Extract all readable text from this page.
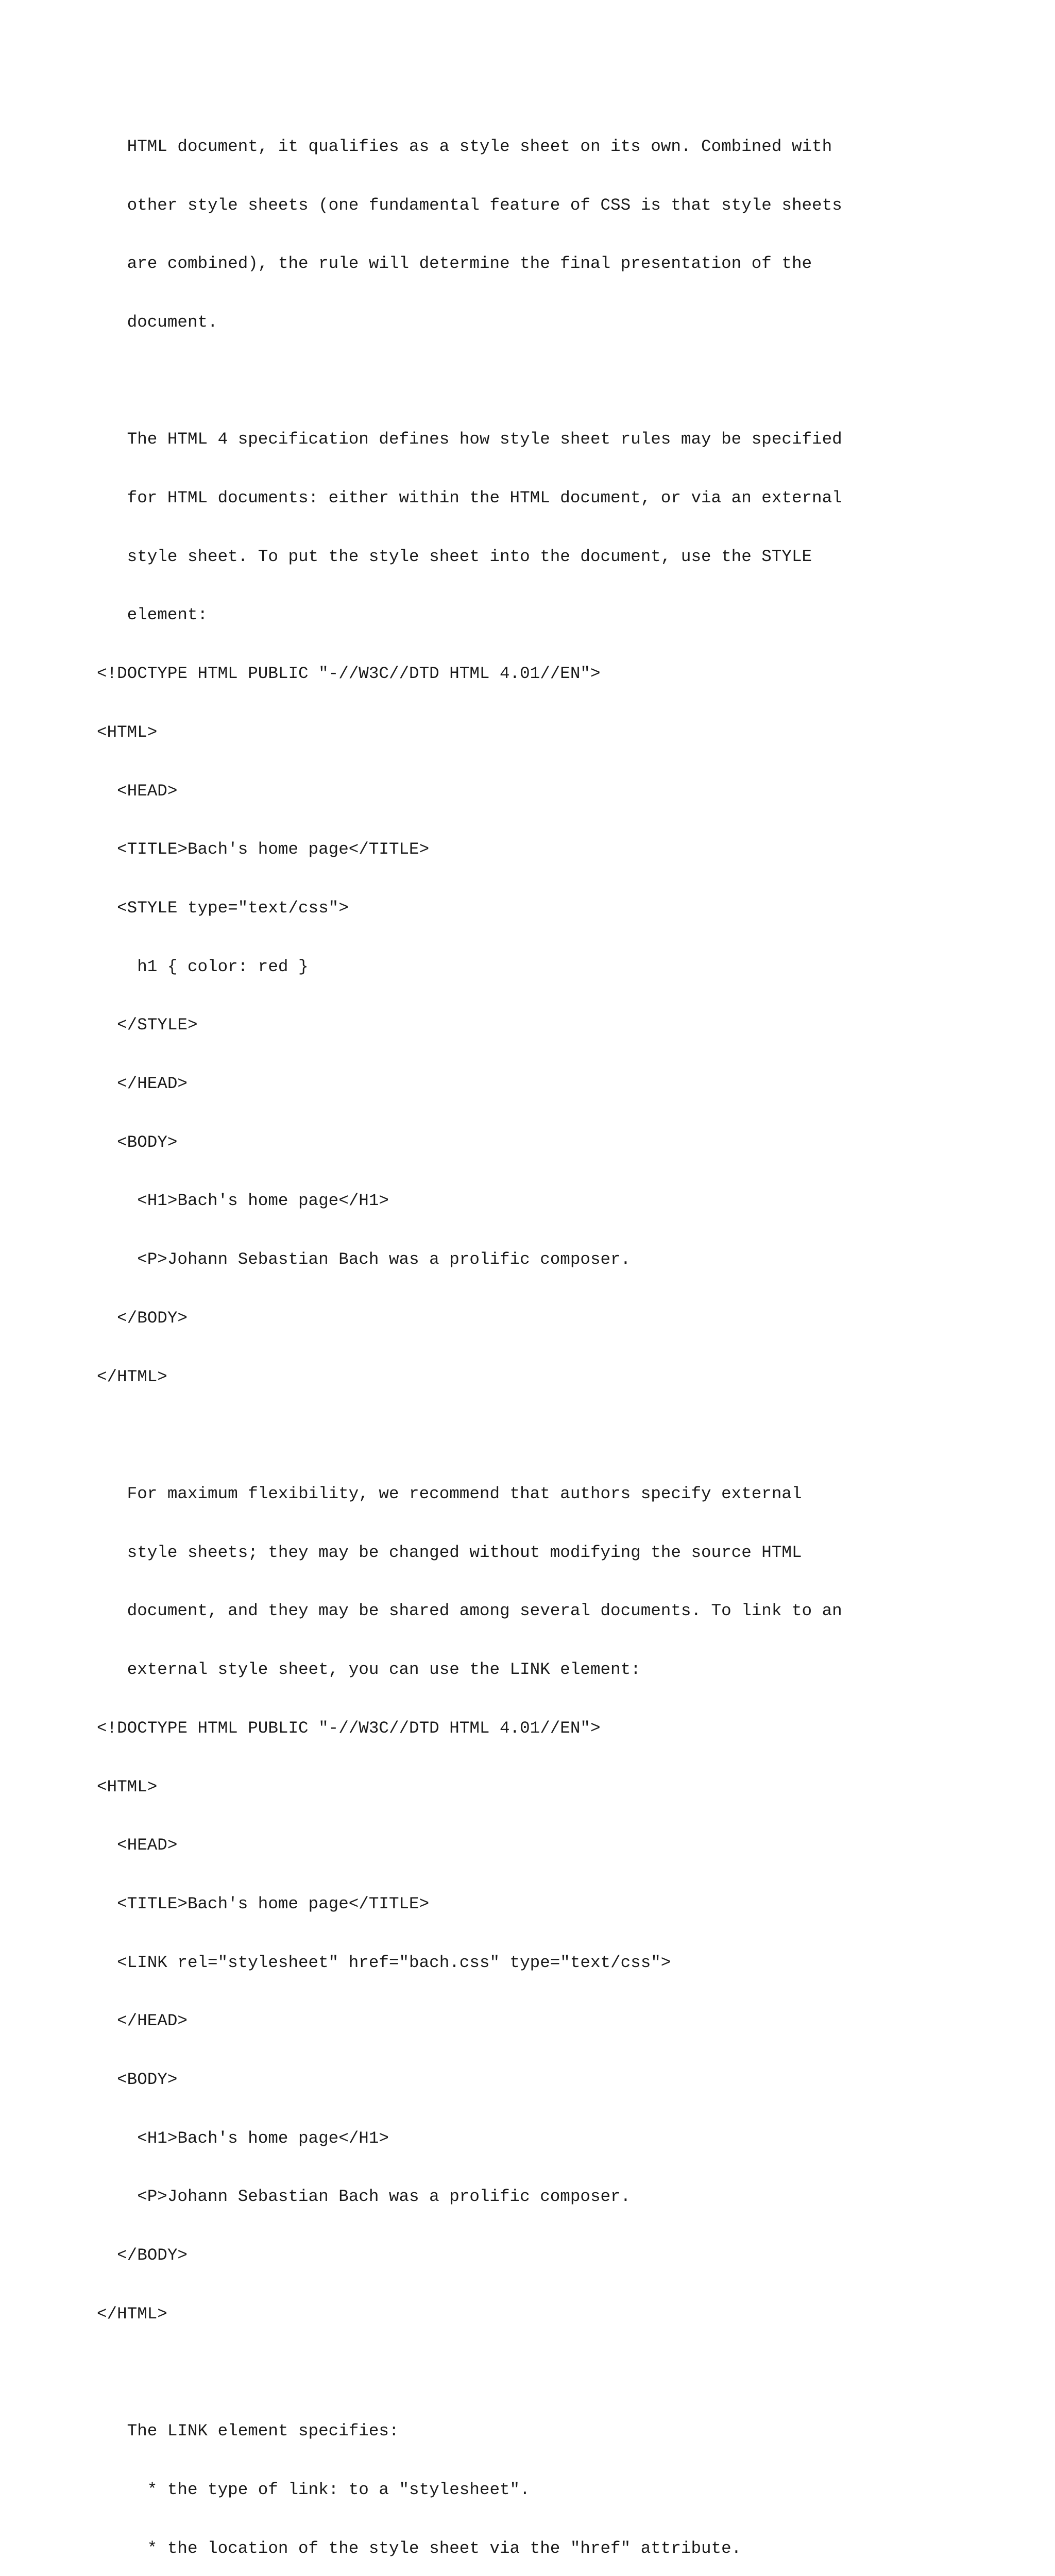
HTML document, it qualifies as a style sheet on its own. Combined with

other style sheets (one fundamental feature of CSS is that style sheets

are combined), the rule will determine the final presentation of the

document.

The HTML 4 specification defines how style sheet rules may be specified

for HTML documents: either within the HTML document, or via an external

style sheet. To put the style sheet into the document, use the STYLE

element:

<!DOCTYPE HTML PUBLIC "-//W3C//DTD HTML 4.01//EN">

<HTML>

<HEAD>

<TITLE>Bach's home page</TITLE>

<STYLE type="text/css">

h1 { color: red }

</STYLE>

</HEAD>

<BODY>

<H1>Bach's home page</H1>

<P>Johann Sebastian Bach was a prolific composer.

</BODY>

</HTML>

For maximum flexibility, we recommend that authors specify external

style sheets; they may be changed without modifying the source HTML

document, and they may be shared among several documents. To link to an

external style sheet, you can use the LINK element:

<!DOCTYPE HTML PUBLIC "-//W3C//DTD HTML 4.01//EN">

<HTML>

<HEAD>

<TITLE>Bach's home page</TITLE>

<LINK rel="stylesheet" href="bach.css" type="text/css">

</HEAD>

<BODY>

<H1>Bach's home page</H1>

<P>Johann Sebastian Bach was a prolific composer.

</BODY>

</HTML>

The LINK element specifies:

* the type of link: to a "stylesheet".

* the location of the style sheet via the "href" attribute.
